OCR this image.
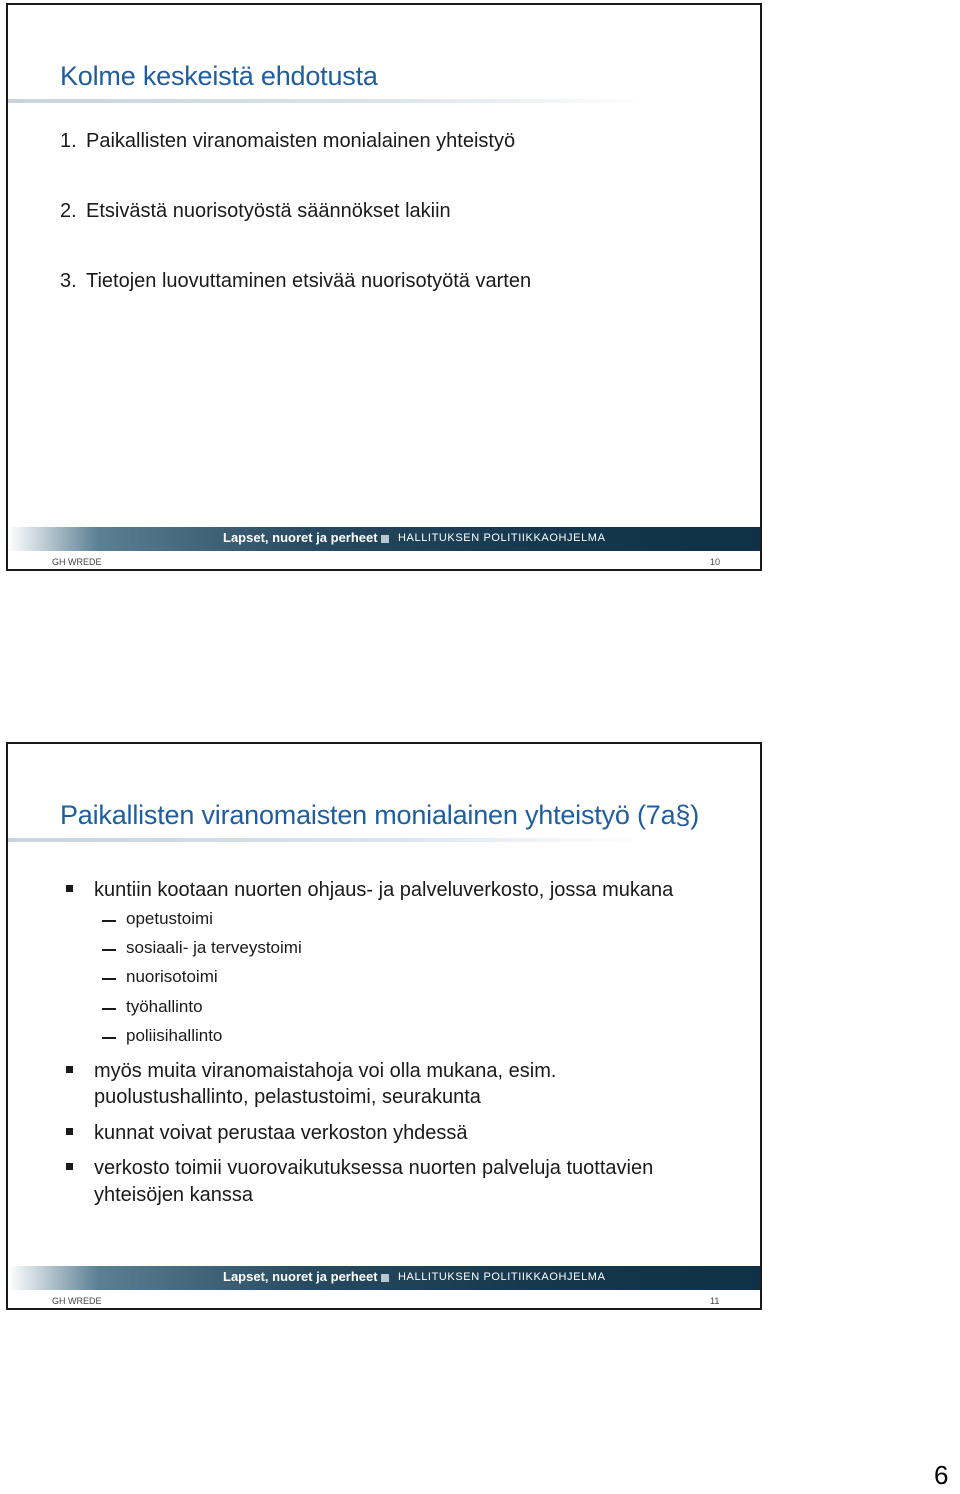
Kolme keskeistä ehdotusta
1. Paikallisten viranomaisten monialainen yhteistyö
2. Etsivästä nuorisotyöstä säännökset lakiin
3. Tietojen luovuttaminen etsivää nuorisotyötä varten
Lapset, nuoret ja perheet HALLITUKSEN POLITIIKKAOHJELMA
GH WREDE	10
Paikallisten viranomaisten monialainen yhteistyö (7a§)
kuntiin kootaan nuorten ohjaus- ja palveluverkosto, jossa mukana
opetustoimi
sosiaali- ja terveystoimi
nuorisotoimi
työhallinto
poliisihallinto
myös muita viranomaistahoja voi olla mukana, esim.
puolustushallinto, pelastustoimi, seurakunta
kunnat voivat perustaa verkoston yhdessä
verkosto toimii vuorovaikutuksessa nuorten palveluja tuottavien
yhteisöjen kanssa
Lapset, nuoret ja perheet HALLITUKSEN POLITIIKKAOHJELMA
GH WREDE	11
6
